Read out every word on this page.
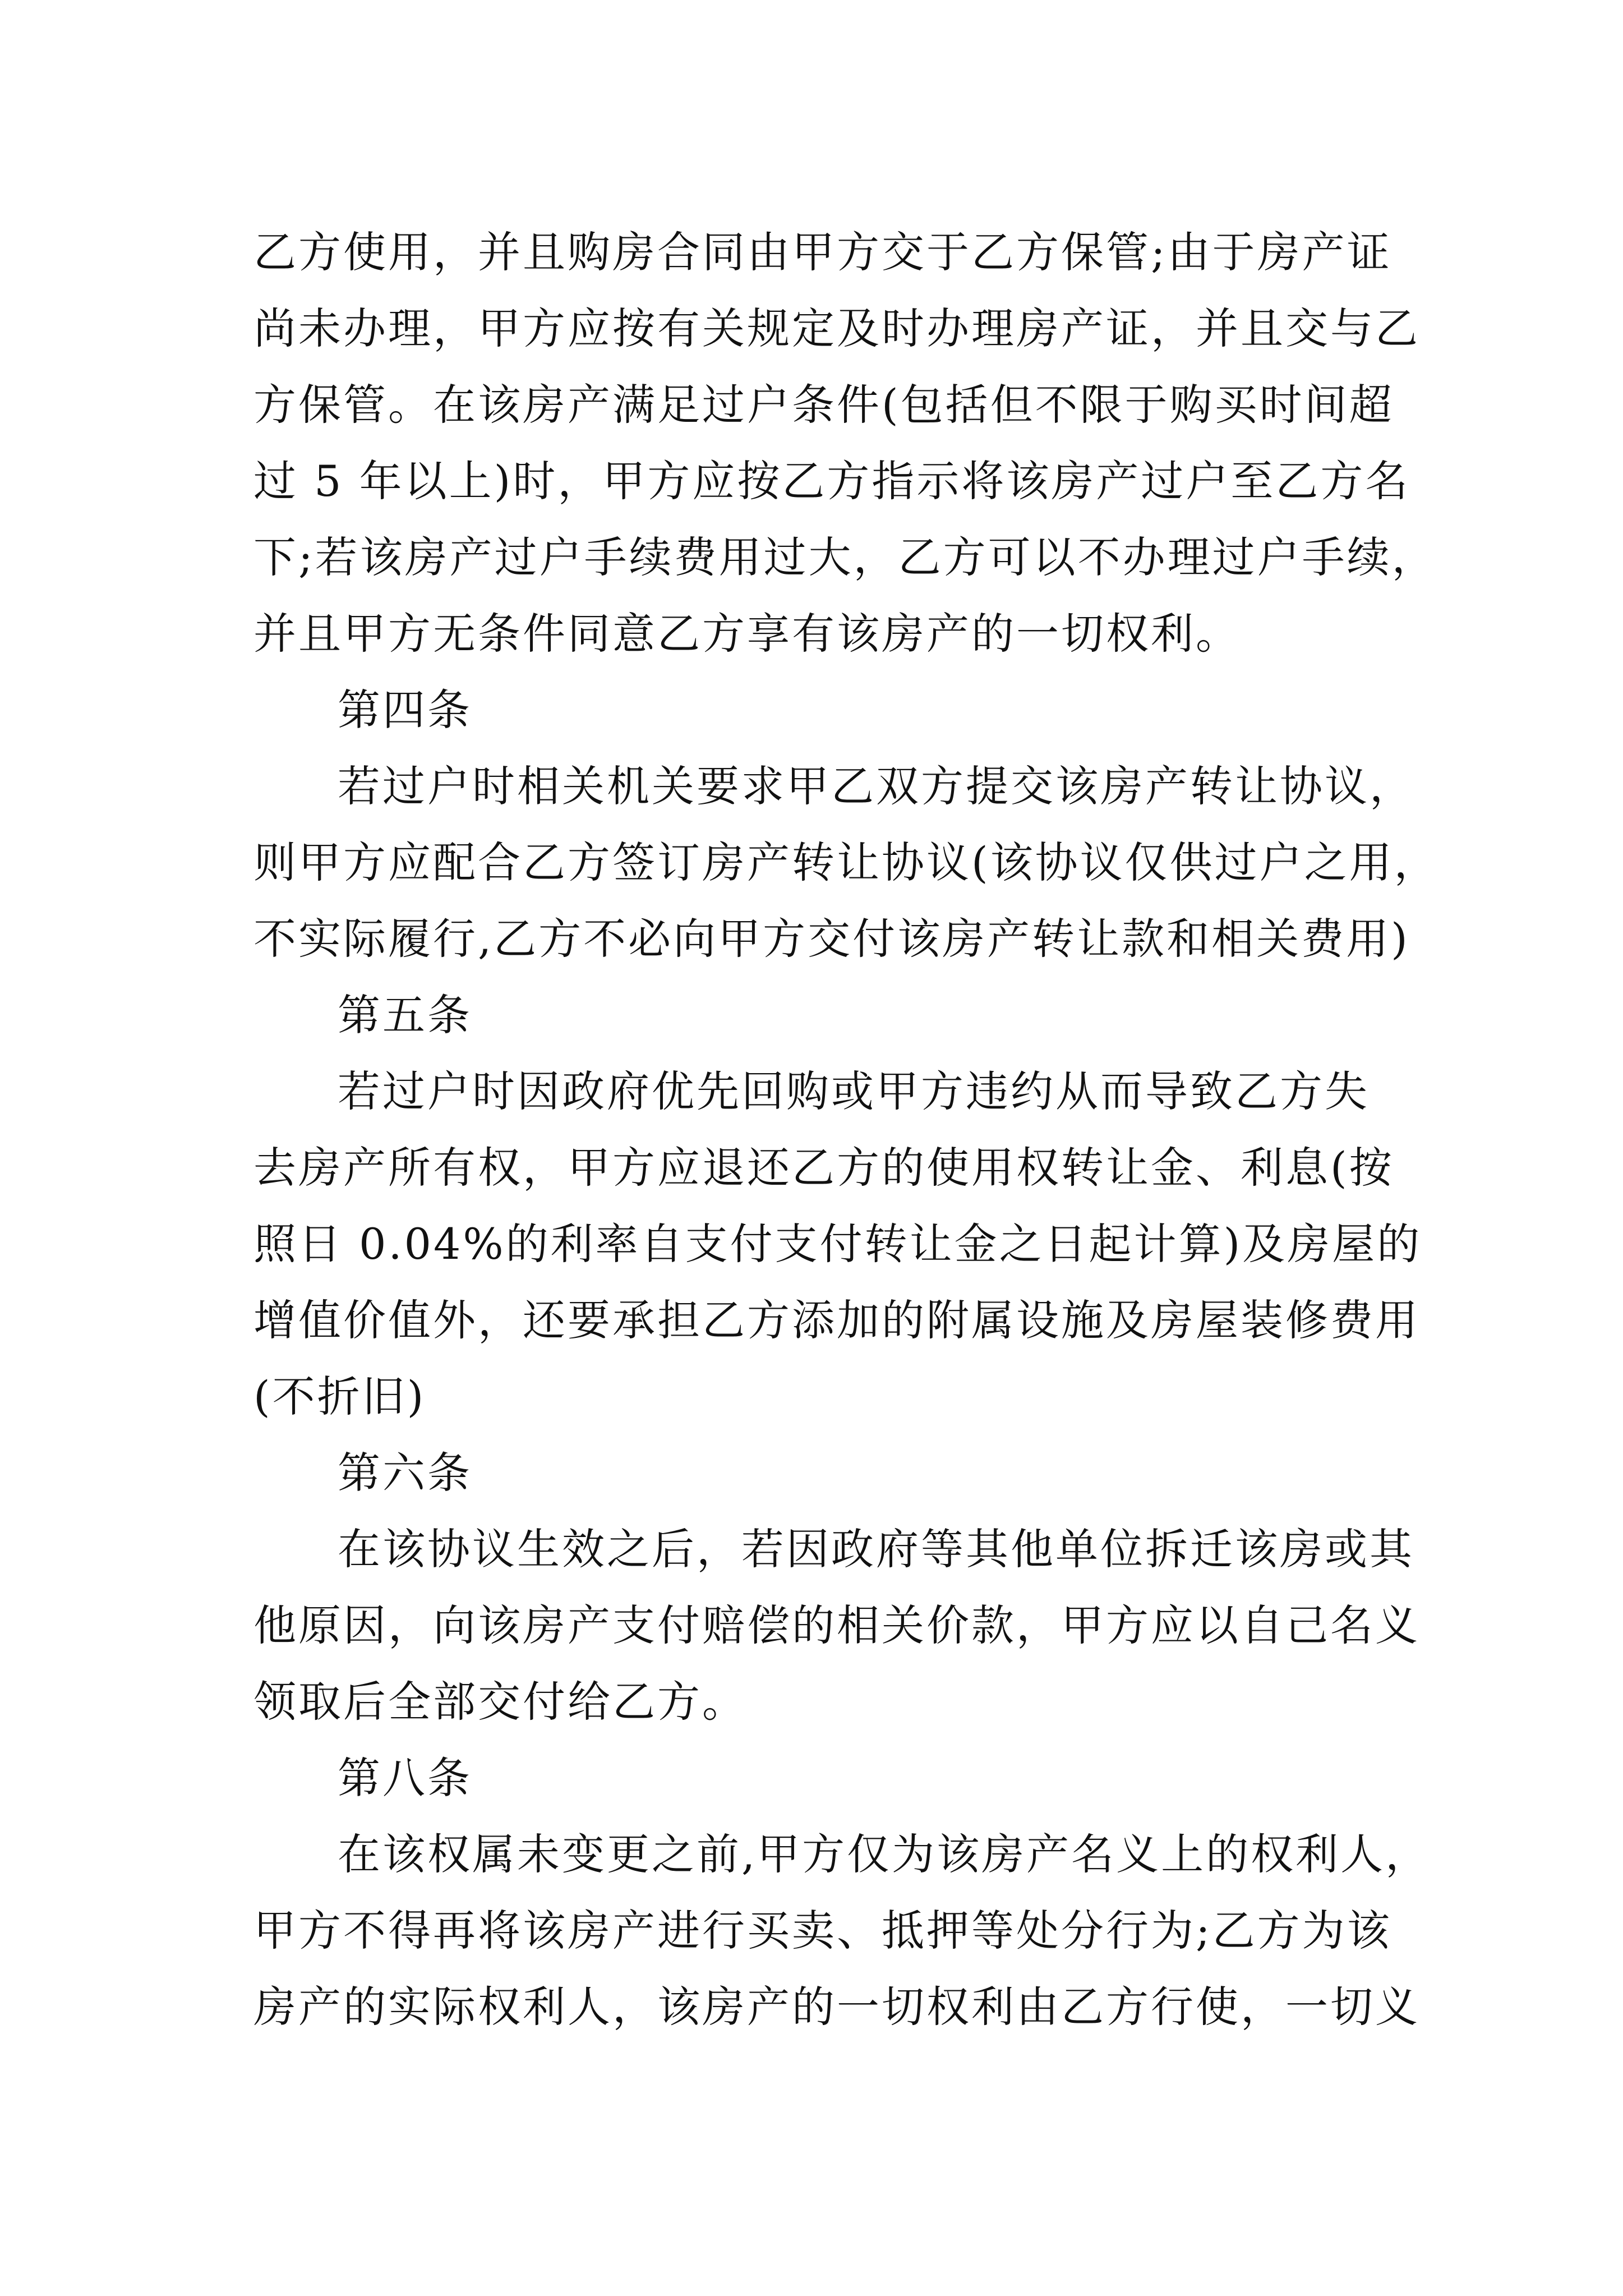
乙方使用，并且购房合同由甲方交于乙方保管;由于房产证
尚未办理，甲方应按有关规定及时办理房产证，并且交与乙
方保管。在该房产满足过户条件(包括但不限于购买时间超
过 5 年以上)时，甲方应按乙方指示将该房产过户至乙方名
下;若该房产过户手续费用过大，乙方可以不办理过户手续，
并且甲方无条件同意乙方享有该房产的一切权利。
第四条
若过户时相关机关要求甲乙双方提交该房产转让协议，
则甲方应配合乙方签订房产转让协议(该协议仅供过户之用，
不实际履行,乙方不必向甲方交付该房产转让款和相关费用)
第五条
若过户时因政府优先回购或甲方违约从而导致乙方失
去房产所有权，甲方应退还乙方的使用权转让金、利息(按
照日 0.04%的利率自支付支付转让金之日起计算)及房屋的
增值价值外，还要承担乙方添加的附属设施及房屋装修费用
(不折旧)
第六条
在该协议生效之后，若因政府等其他单位拆迁该房或其
他原因，向该房产支付赔偿的相关价款，甲方应以自己名义
领取后全部交付给乙方。
第八条
在该权属未变更之前,甲方仅为该房产名义上的权利人，
甲方不得再将该房产进行买卖、抵押等处分行为;乙方为该
房产的实际权利人，该房产的一切权利由乙方行使，一切义
